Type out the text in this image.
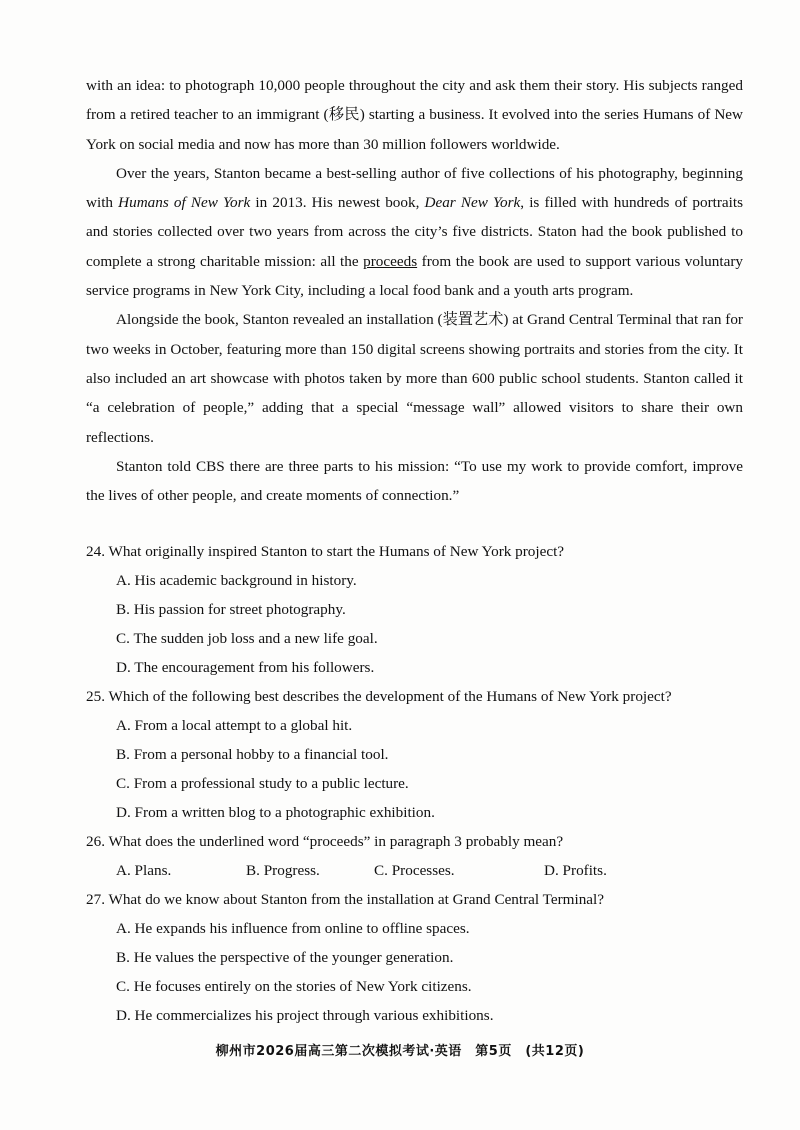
with an idea: to photograph 10,000 people throughout the city and ask them their story. His subjects ranged from a retired teacher to an immigrant (移民) starting a business. It evolved into the series Humans of New York on social media and now has more than 30 million followers worldwide.

Over the years, Stanton became a best-selling author of five collections of his photography, beginning with Humans of New York in 2013. His newest book, Dear New York, is filled with hundreds of portraits and stories collected over two years from across the city’s five districts. Staton had the book published to complete a strong charitable mission: all the proceeds from the book are used to support various voluntary service programs in New York City, including a local food bank and a youth arts program.

Alongside the book, Stanton revealed an installation (装置艺术) at Grand Central Terminal that ran for two weeks in October, featuring more than 150 digital screens showing portraits and stories from the city. It also included an art showcase with photos taken by more than 600 public school students. Stanton called it “a celebration of people,” adding that a special “message wall” allowed visitors to share their own reflections.

Stanton told CBS there are three parts to his mission: “To use my work to provide comfort, improve the lives of other people, and create moments of connection.”

24. What originally inspired Stanton to start the Humans of New York project?

A. His academic background in history.

B. His passion for street photography.

C. The sudden job loss and a new life goal.

D. The encouragement from his followers.

25. Which of the following best describes the development of the Humans of New York project?

A. From a local attempt to a global hit.

B. From a personal hobby to a financial tool.

C. From a professional study to a public lecture.

D. From a written blog to a photographic exhibition.

26. What does the underlined word “proceeds” in paragraph 3 probably mean?

A. Plans.	B. Progress.	C. Processes.	D. Profits.

27. What do we know about Stanton from the installation at Grand Central Terminal?

A. He expands his influence from online to offline spaces.

B. He values the perspective of the younger generation.

C. He focuses entirely on the stories of New York citizens.

D. He commercializes his project through various exhibitions.

柳州市2026届高三第二次模拟考试·英语　第5页　(共12页)
